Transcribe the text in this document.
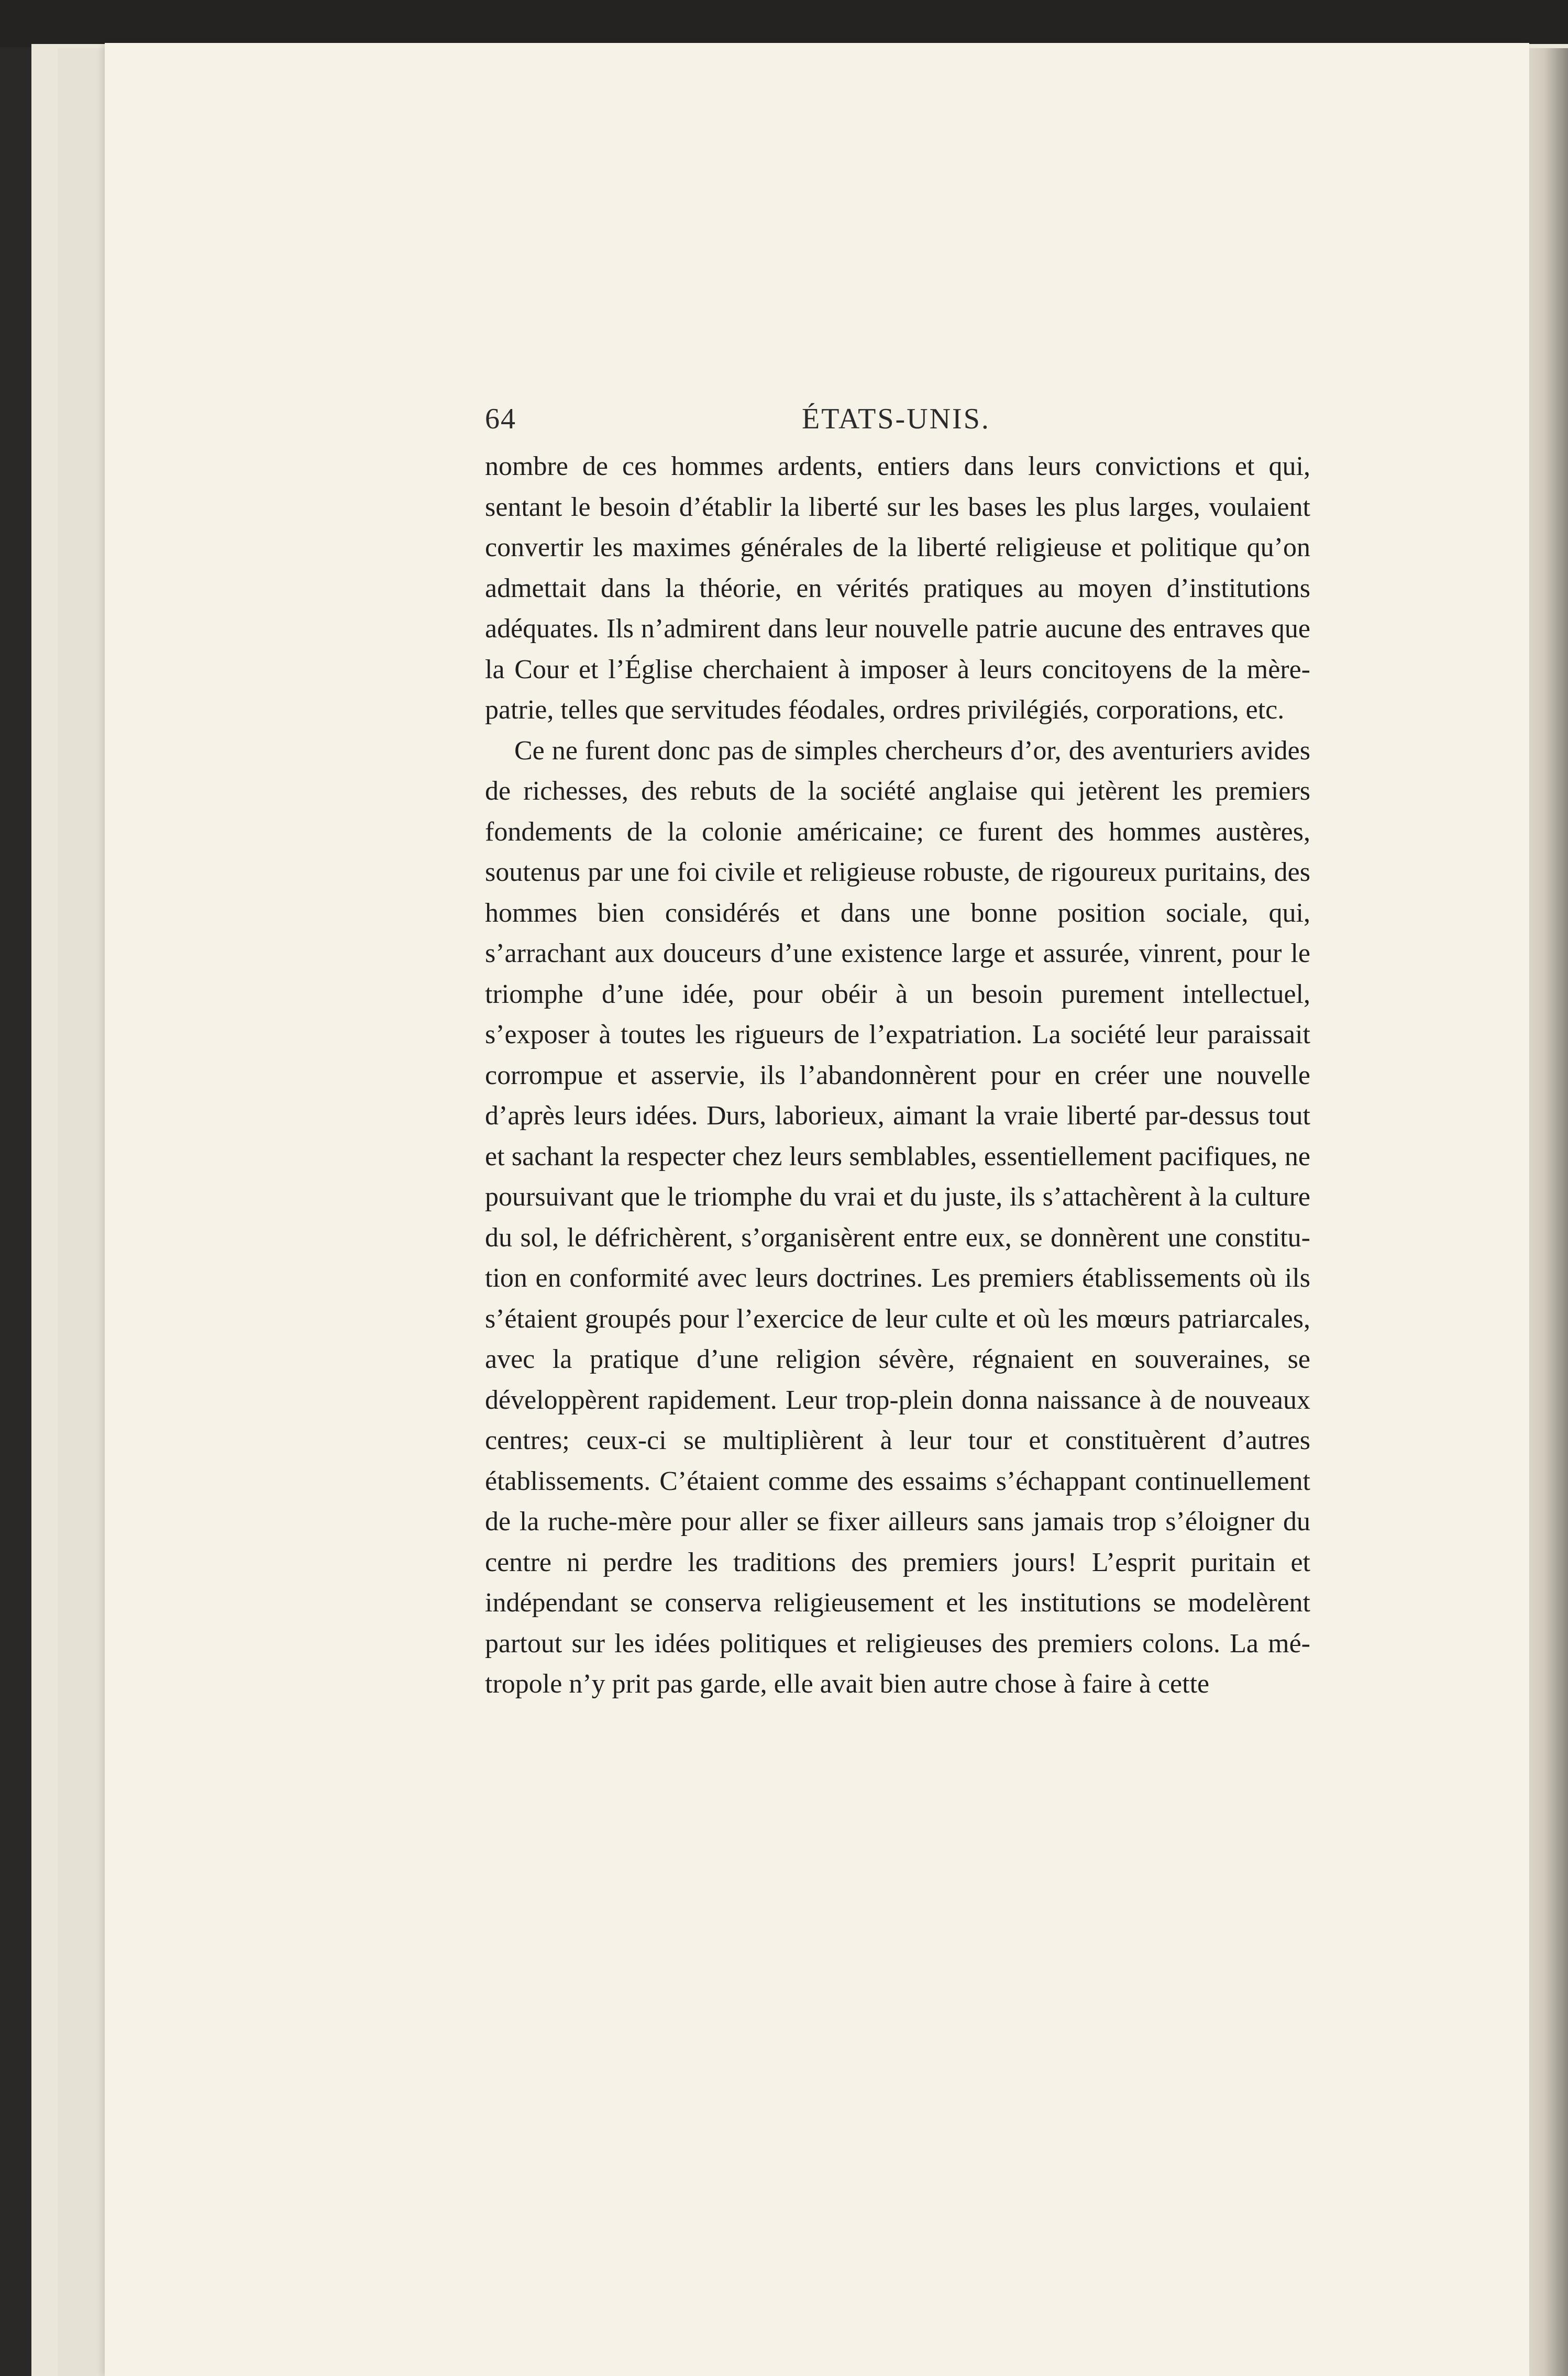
64	ÉTATS-UNIS.

nombre de ces hommes ardents, entiers dans leurs convictions et qui, sentant le besoin d’établir la liberté sur les bases les plus larges, voulaient convertir les maximes générales de la liberté religieuse et politique qu’on admettait dans la théorie, en vérités pratiques au moyen d’institutions adéquates. Ils n’admirent dans leur nouvelle patrie aucune des entraves que la Cour et l’Église cherchaient à imposer à leurs concitoyens de la mère-patrie, telles que servitudes féodales, ordres privilégiés, corporations, etc.

Ce ne furent donc pas de simples chercheurs d’or, des aventuriers avides de richesses, des rebuts de la société anglaise qui jetèrent les premiers fondements de la colonie américaine; ce furent des hommes austères, soutenus par une foi civile et religieuse robuste, de rigoureux puritains, des hommes bien considérés et dans une bonne position sociale, qui, s’arrachant aux douceurs d’une existence large et assurée, vinrent, pour le triomphe d’une idée, pour obéir à un besoin purement intellectuel, s’exposer à toutes les rigueurs de l’expatriation. La société leur paraissait corrompue et asservie, ils l’abandonnèrent pour en créer une nouvelle d’après leurs idées. Durs, laborieux, aimant la vraie liberté par-dessus tout et sachant la respecter chez leurs semblables, essentiellement pacifiques, ne poursuivant que le triomphe du vrai et du juste, ils s’attachèrent à la culture du sol, le défrichèrent, s’organisèrent entre eux, se donnèrent une constitution en conformité avec leurs doctrines. Les premiers établissements où ils s’étaient groupés pour l’exercice de leur culte et où les mœurs patriarcales, avec la pratique d’une religion sévère, régnaient en souveraines, se développèrent rapidement. Leur trop-plein donna naissance à de nouveaux centres; ceux-ci se multiplièrent à leur tour et constituèrent d’autres établissements. C’étaient comme des essaims s’échappant continuellement de la ruche-mère pour aller se fixer ailleurs sans jamais trop s’éloigner du centre ni perdre les traditions des premiers jours! L’esprit puritain et indépendant se conserva religieusement et les institutions se modelèrent partout sur les idées politiques et religieuses des premiers colons. La métropole n’y prit pas garde, elle avait bien autre chose à faire à cette
